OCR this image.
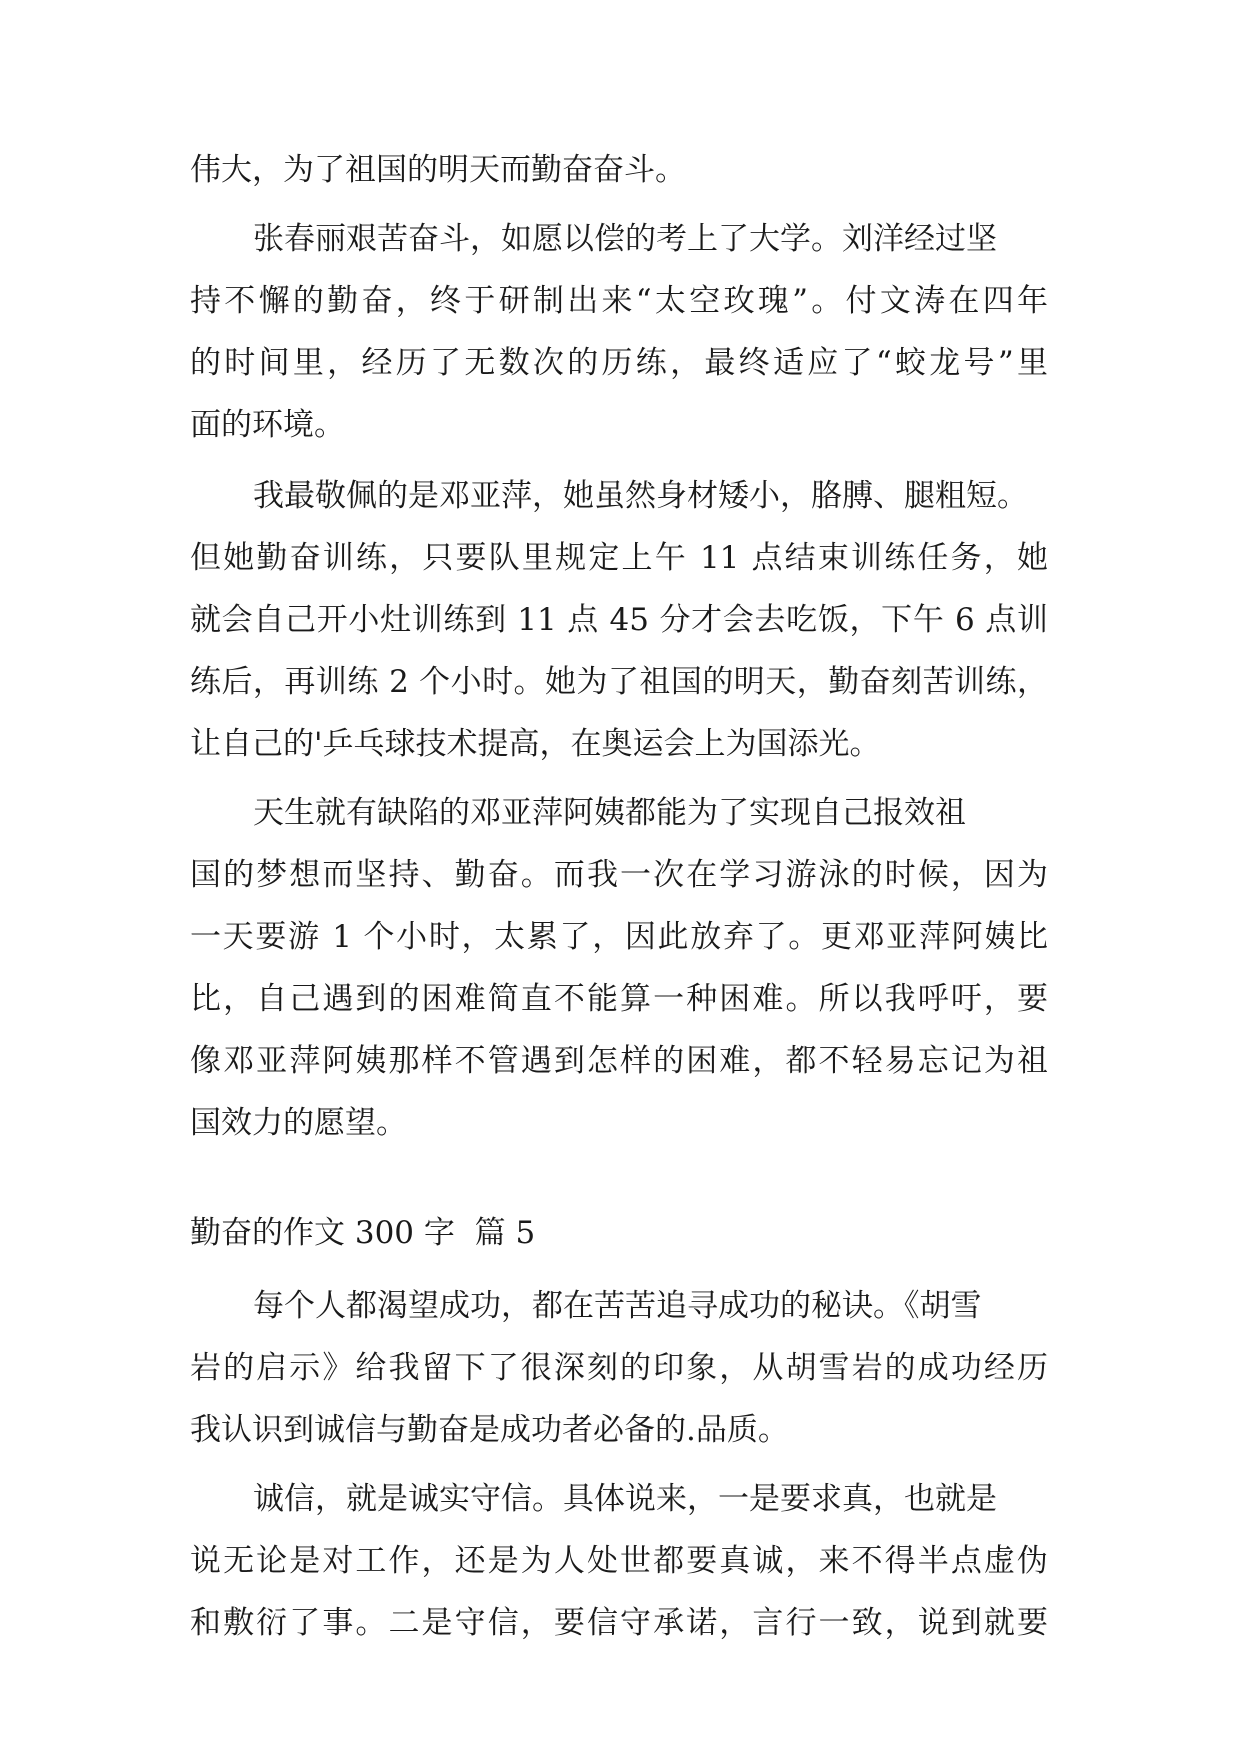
伟大，为了祖国的明天而勤奋奋斗。
张春丽艰苦奋斗，如愿以偿的考上了大学。刘洋经过坚
持不懈的勤奋，终于研制出来“太空玫瑰”。付文涛在四年
的时间里，经历了无数次的历练，最终适应了“蛟龙号”里
面的环境。
我最敬佩的是邓亚萍，她虽然身材矮小，胳膊、腿粗短。
但她勤奋训练，只要队里规定上午 11 点结束训练任务，她
就会自己开小灶训练到 11 点 45 分才会去吃饭，下午 6 点训
练后，再训练 2 个小时。她为了祖国的明天，勤奋刻苦训练，
让自己的'乒乓球技术提高，在奥运会上为国添光。
天生就有缺陷的邓亚萍阿姨都能为了实现自己报效祖
国的梦想而坚持、勤奋。而我一次在学习游泳的时候，因为
一天要游 1 个小时，太累了，因此放弃了。更邓亚萍阿姨比
比，自己遇到的困难简直不能算一种困难。所以我呼吁，要
像邓亚萍阿姨那样不管遇到怎样的困难，都不轻易忘记为祖
国效力的愿望。
勤奋的作文 300 字  篇 5
每个人都渴望成功，都在苦苦追寻成功的秘诀。《胡雪
岩的启示》给我留下了很深刻的印象，从胡雪岩的成功经历
我认识到诚信与勤奋是成功者必备的.品质。
诚信，就是诚实守信。具体说来，一是要求真，也就是
说无论是对工作，还是为人处世都要真诚，来不得半点虚伪
和敷衍了事。二是守信，要信守承诺，言行一致，说到就要
